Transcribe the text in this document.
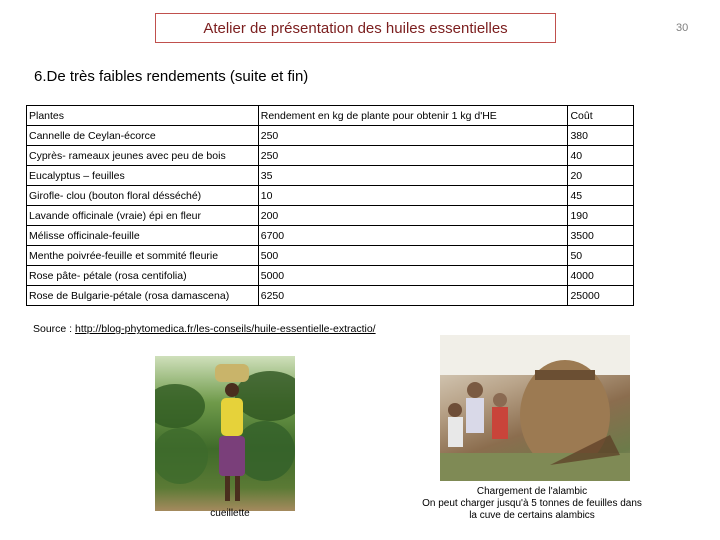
Atelier de présentation des huiles essentielles	30
6.De très faibles rendements (suite et fin)
Plantes	Rendement en kg de plante pour obtenir 1 kg d'HE	Coût
Cannelle de Ceylan-écorce	250	380
Cyprès- rameaux jeunes avec peu de bois	250	40
Eucalyptus – feuilles	35	20
Girofle- clou (bouton floral désséché)	10	45
Lavande officinale (vraie) épi en fleur	200	190
Mélisse officinale-feuille	6700	3500
Menthe poivrée-feuille et sommité fleurie	500	50
Rose pâte- pétale (rosa centifolia)	5000	4000
Rose de Bulgarie-pétale (rosa damascena)	6250	25000
Source : http://blog-phytomedica.fr/les-conseils/huile-essentielle-extractio/
cueillette
Chargement de l'alambic
On peut charger jusqu'à 5 tonnes de feuilles dans
la cuve de certains alambics
